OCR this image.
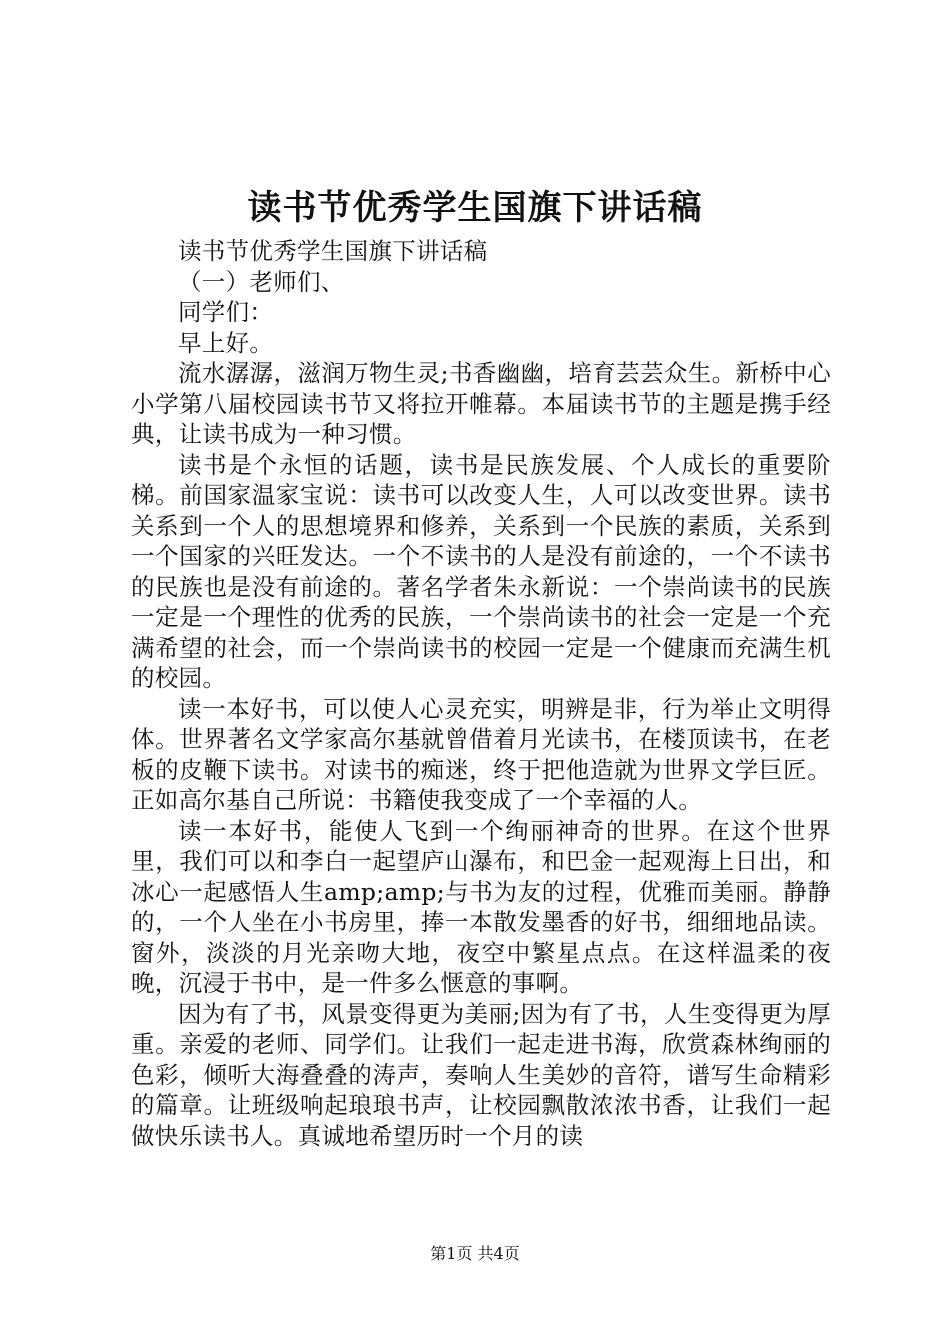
读书节优秀学生国旗下讲话稿

读书节优秀学生国旗下讲话稿

（一）老师们、

同学们：

早上好。

流水潺潺，滋润万物生灵;书香幽幽，培育芸芸众生。新桥中心小学第八届校园读书节又将拉开帷幕。本届读书节的主题是携手经典，让读书成为一种习惯。

读书是个永恒的话题，读书是民族发展、个人成长的重要阶梯。前国家温家宝说：读书可以改变人生，人可以改变世界。读书关系到一个人的思想境界和修养，关系到一个民族的素质，关系到一个国家的兴旺发达。一个不读书的人是没有前途的，一个不读书的民族也是没有前途的。著名学者朱永新说：一个崇尚读书的民族一定是一个理性的优秀的民族，一个崇尚读书的社会一定是一个充满希望的社会，而一个崇尚读书的校园一定是一个健康而充满生机的校园。

读一本好书，可以使人心灵充实，明辨是非，行为举止文明得体。世界著名文学家高尔基就曾借着月光读书，在楼顶读书，在老板的皮鞭下读书。对读书的痴迷，终于把他造就为世界文学巨匠。正如高尔基自己所说：书籍使我变成了一个幸福的人。

读一本好书，能使人飞到一个绚丽神奇的世界。在这个世界里，我们可以和李白一起望庐山瀑布，和巴金一起观海上日出，和冰心一起感悟人生amp;amp;与书为友的过程，优雅而美丽。静静的，一个人坐在小书房里，捧一本散发墨香的好书，细细地品读。窗外，淡淡的月光亲吻大地，夜空中繁星点点。在这样温柔的夜晚，沉浸于书中，是一件多么惬意的事啊。

因为有了书，风景变得更为美丽;因为有了书，人生变得更为厚重。亲爱的老师、同学们。让我们一起走进书海，欣赏森林绚丽的色彩，倾听大海叠叠的涛声，奏响人生美妙的音符，谱写生命精彩的篇章。让班级响起琅琅书声，让校园飘散浓浓书香，让我们一起做快乐读书人。真诚地希望历时一个月的读

第1页 共4页
